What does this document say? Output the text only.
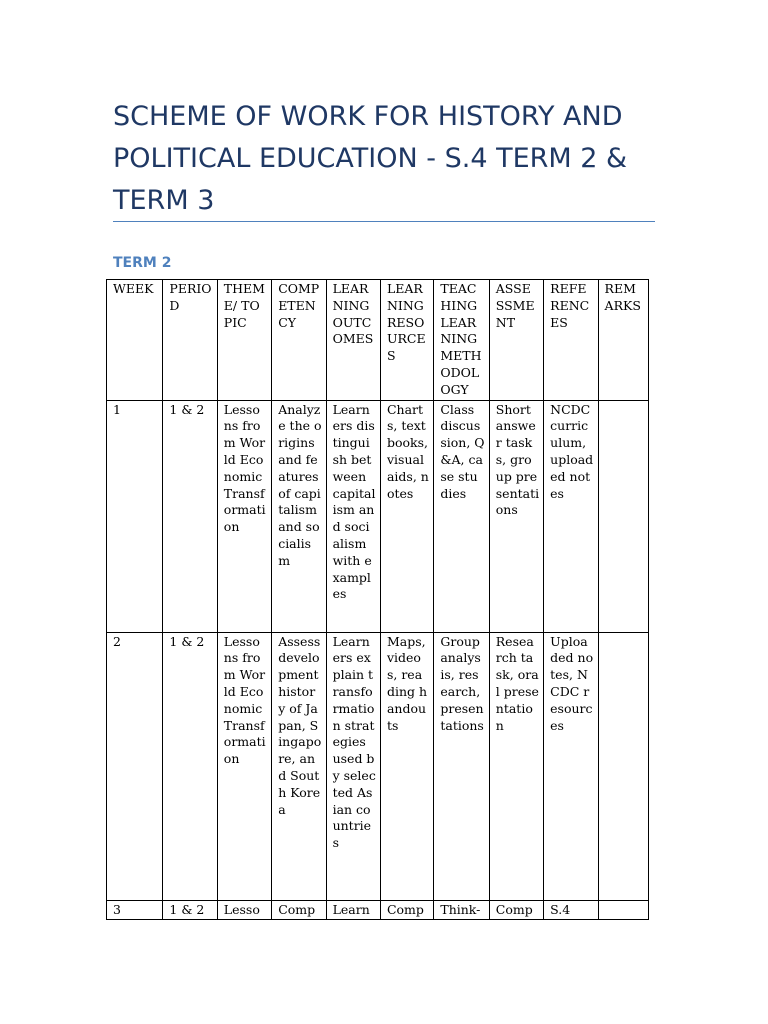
SCHEME OF WORK FOR HISTORY AND POLITICAL EDUCATION - S.4 TERM 2 & TERM 3
TERM 2
WEEK	PERIOD	THEME/ TOPIC	COMPETENCY	LEARNING OUTCOMES	LEARNING RESOURCES	TEACHING LEARNING METHODOLOGY	ASSESSMENT	REFERENCES	REMARKS
1	1 & 2	Lessons from World Economic Transformation	Analyze the origins and features of capitalism and socialism	Learners distinguish between capitalism and socialism with examples	Charts, textbooks, visual aids, notes	Class discussion, Q&A, case studies	Short answer tasks, group presentations	NCDC curriculum, uploaded notes	
2	1 & 2	Lessons from World Economic Transformation	Assess development history of Japan, Singapore, and South Korea	Learners explain transformation strategies used by selected Asian countries	Maps, videos, reading handouts	Group analysis, research, presentations	Research task, oral presentation	Uploaded notes, NCDC resources	
3	1 & 2	Lesso	Comp	Learn	Comp	Think-	Comp	S.4	
